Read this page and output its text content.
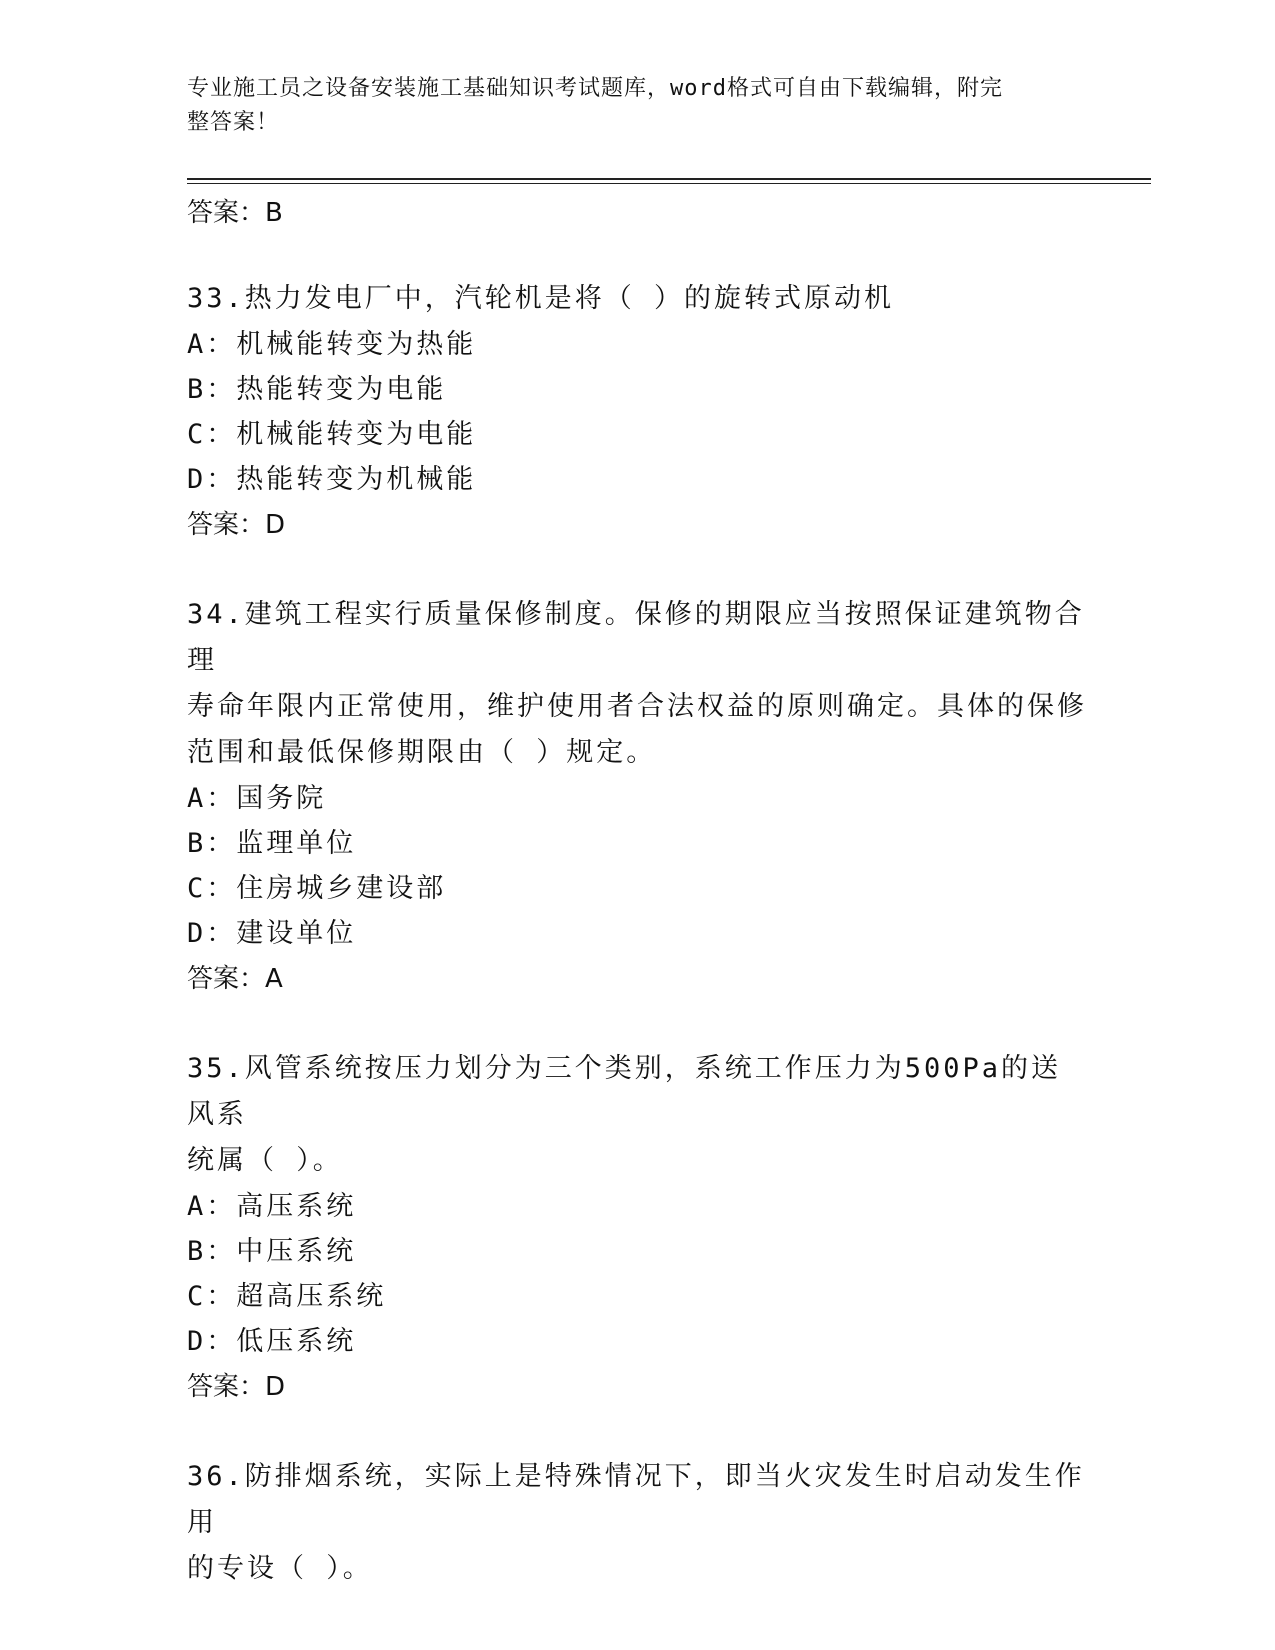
专业施工员之设备安装施工基础知识考试题库，word格式可自由下载编辑，附完
整答案！

答案：B

33.热力发电厂中，汽轮机是将（ ）的旋转式原动机

A：机械能转变为热能

B：热能转变为电能

C：机械能转变为电能

D：热能转变为机械能

答案：D

34.建筑工程实行质量保修制度。保修的期限应当按照保证建筑物合理

寿命年限内正常使用，维护使用者合法权益的原则确定。具体的保修

范围和最低保修期限由（ ）规定。

A：国务院

B：监理单位

C：住房城乡建设部

D：建设单位

答案：A

35.风管系统按压力划分为三个类别，系统工作压力为500Pa的送风系

统属（ ）。

A：高压系统

B：中压系统

C：超高压系统

D：低压系统

答案：D

36.防排烟系统，实际上是特殊情况下，即当火灾发生时启动发生作用

的专设（ ）。
